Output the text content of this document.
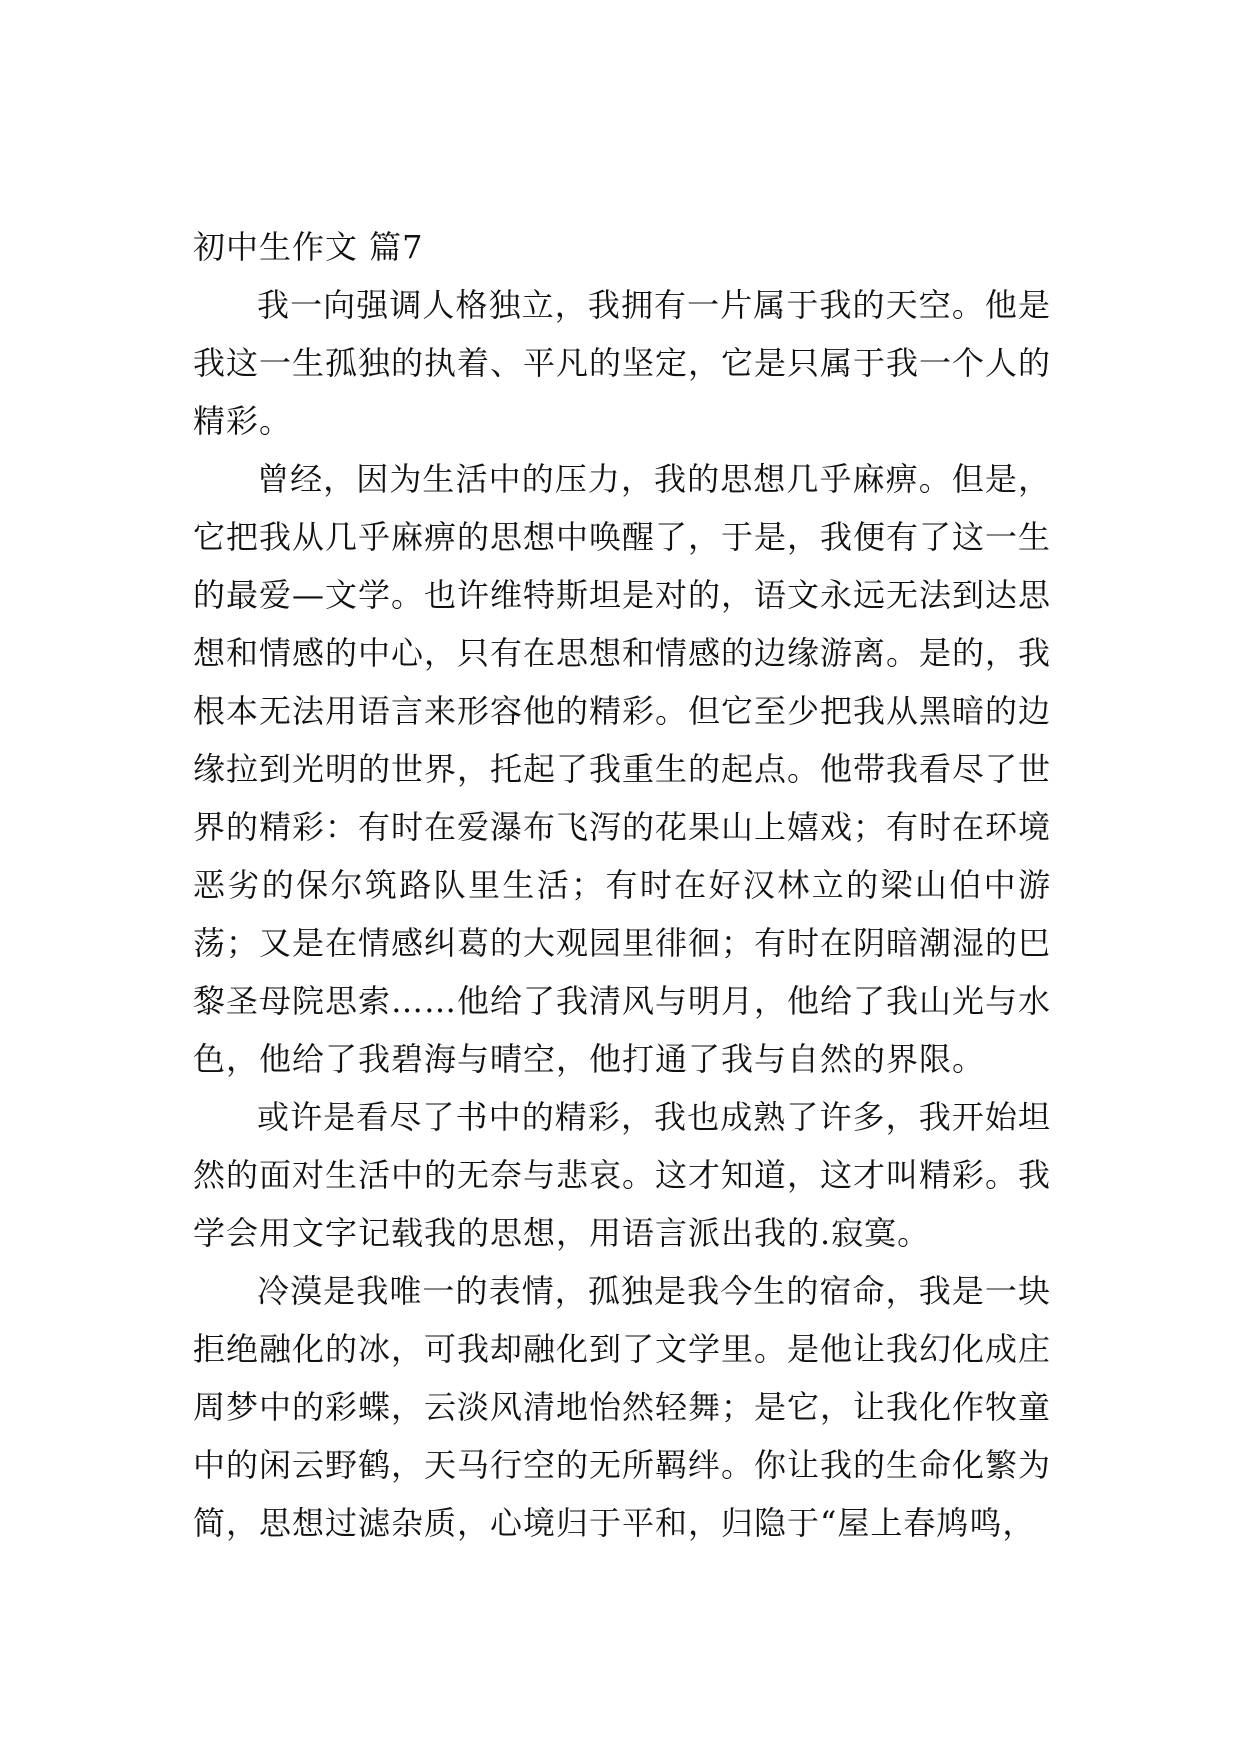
初中生作文 篇7

我一向强调人格独立，我拥有一片属于我的天空。他是我这一生孤独的执着、平凡的坚定，它是只属于我一个人的精彩。

曾经，因为生活中的压力，我的思想几乎麻痹。但是，它把我从几乎麻痹的思想中唤醒了，于是，我便有了这一生的最爱—文学。也许维特斯坦是对的，语文永远无法到达思想和情感的中心，只有在思想和情感的边缘游离。是的，我根本无法用语言来形容他的精彩。但它至少把我从黑暗的边缘拉到光明的世界，托起了我重生的起点。他带我看尽了世界的精彩：有时在爱瀑布飞泻的花果山上嬉戏；有时在环境恶劣的保尔筑路队里生活；有时在好汉林立的梁山伯中游荡；又是在情感纠葛的大观园里徘徊；有时在阴暗潮湿的巴黎圣母院思索……他给了我清风与明月，他给了我山光与水色，他给了我碧海与晴空，他打通了我与自然的界限。

或许是看尽了书中的精彩，我也成熟了许多，我开始坦然的面对生活中的无奈与悲哀。这才知道，这才叫精彩。我学会用文字记载我的思想，用语言派出我的.寂寞。

冷漠是我唯一的表情，孤独是我今生的宿命，我是一块拒绝融化的冰，可我却融化到了文学里。是他让我幻化成庄周梦中的彩蝶，云淡风清地怡然轻舞；是它，让我化作牧童中的闲云野鹤，天马行空的无所羁绊。你让我的生命化繁为简，思想过滤杂质，心境归于平和，归隐于“屋上春鸠鸣，
